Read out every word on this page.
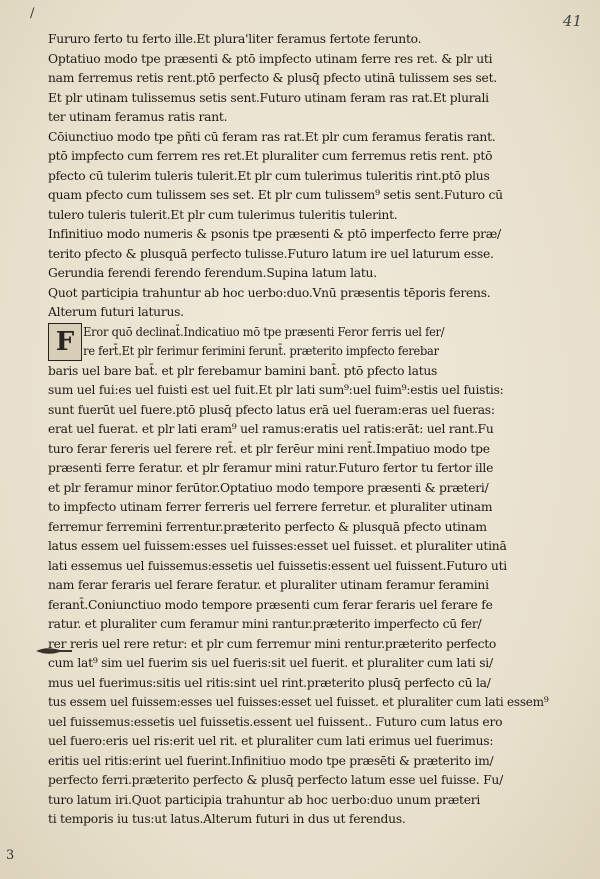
/
3
41
Fururo ferto tu ferto ille.Et plura'liter feramus fertote ferunto.
Optatiuo modo tpe præsenti & ptō impfecto utinam ferre res ret. & plr uti
nam ferremus retis rent.ptō perfecto & plusq̄ pfecto utinā tulissem ses set.
Et plr utinam tulissemus setis sent.Futuro utinam feram ras rat.Et plurali
ter utinam feramus ratis rant.
Cōiunctiuo modo tpe pñti cū feram ras rat.Et plr cum feramus feratis rant.
ptō impfecto cum ferrem res ret.Et pluraliter cum ferremus retis rent. ptō
pfecto cū tulerim tuleris tulerit.Et plr cum tulerimus tuleritis rint.ptō plus
quam pfecto cum tulissem ses set. Et plr cum tulissem⁹ setis sent.Futuro cū
tulero tuleris tulerit.Et plr cum tulerimus tuleritis tulerint.
Infinitiuo modo numeris & psonis tpe præsenti & ptō imperfecto ferre præ/
terito pfecto & plusquā perfecto tulisse.Futuro latum ire uel laturum esse.
Gerundia ferendi ferendo ferendum.Supina latum latu.
Quot participia trahuntur ab hoc uerbo:duo.Vnū præsentis tēporis ferens.
Alterum futuri laturus.
F Eror quō declinat̄.Indicatiuo mō tpe præsenti Feror ferris uel fer/
re fert̄.Et plr ferimur ferimini ferunt̄. præterito impfecto ferebar
baris uel bare bat̄. et plr ferebamur bamini bant̄. ptō pfecto latus
sum uel fui:es uel fuisti est uel fuit.Et plr lati sum⁹:uel fuim⁹:estis uel fuistis:
sunt fuerūt uel fuere.ptō plusq̄ pfecto latus erā uel fueram:eras uel fueras:
erat uel fuerat. et plr lati eram⁹ uel ramus:eratis uel ratis:erāt: uel rant.Fu
turo ferar fereris uel ferere ret̄. et plr ferēur mini rent̄.Impatiuo modo tpe
præsenti ferre feratur. et plr feramur mini ratur.Futuro fertor tu fertor ille
et plr feramur minor ferūtor.Optatiuo modo tempore præsenti & præteri/
to impfecto utinam ferrer ferreris uel ferrere ferretur. et pluraliter utinam
ferremur ferremini ferrentur.præterito perfecto & plusquā pfecto utinam
latus essem uel fuissem:esses uel fuisses:esset uel fuisset. et pluraliter utinā
lati essemus uel fuissemus:essetis uel fuissetis:essent uel fuissent.Futuro uti
nam ferar feraris uel ferare feratur. et pluraliter utinam feramur feramini
ferant̄.Coniunctiuo modo tempore præsenti cum ferar feraris uel ferare fe
ratur. et pluraliter cum feramur mini rantur.præterito imperfecto cū fer/
rer reris uel rere retur: et plr cum ferremur mini rentur.præterito perfecto
cum lat⁹ sim uel fuerim sis uel fueris:sit uel fuerit. et pluraliter cum lati si/
mus uel fuerimus:sitis uel ritis:sint uel rint.præterito plusq̄ perfecto cū la/
tus essem uel fuissem:esses uel fuisses:esset uel fuisset. et pluraliter cum lati essem⁹
uel fuissemus:essetis uel fuissetis.essent uel fuissent.. Futuro cum latus ero
uel fuero:eris uel ris:erit uel rit. et pluraliter cum lati erimus uel fuerimus:
eritis uel ritis:erint uel fuerint.Infinitiuo modo tpe præsēti & præterito im/
perfecto ferri.præterito perfecto & plusq̄ perfecto latum esse uel fuisse. Fu/
turo latum iri.Quot participia trahuntur ab hoc uerbo:duo unum præteri
ti temporis iu tus:ut latus.Alterum futuri in dus ut ferendus.
